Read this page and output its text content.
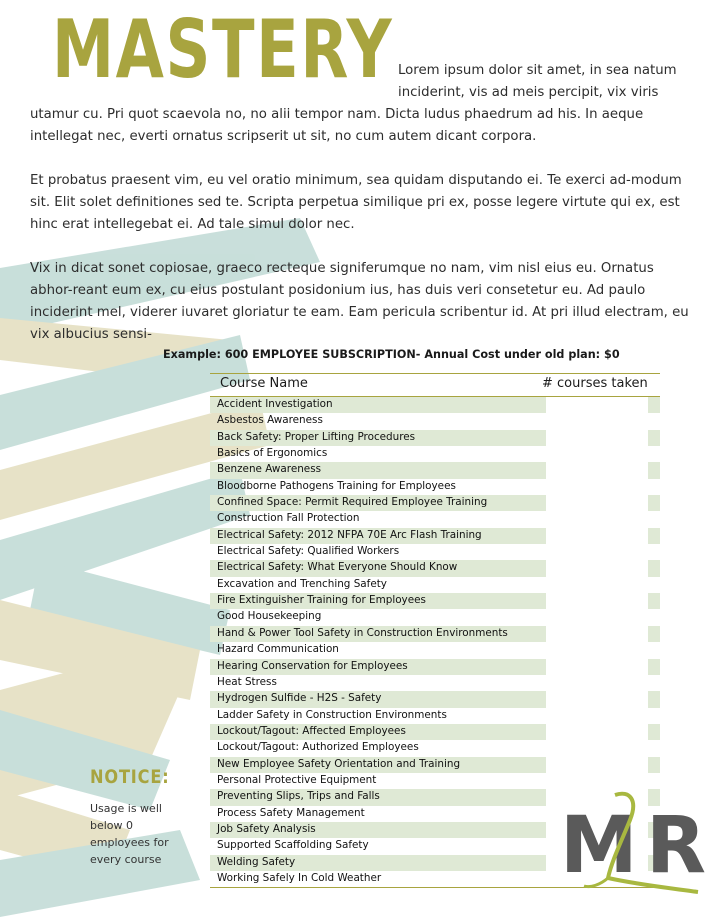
MASTERY Lorem ipsum dolor sit amet, in sea natum inciderint, vis ad meis percipit, vix viris
utamur cu. Pri quot scaevola no, no alii tempor nam. Dicta ludus phaedrum ad his. In aeque intellegat nec, everti ornatus scripserit ut sit, no cum autem dicant corpora.
Et probatus praesent vim, eu vel oratio minimum, sea quidam disputando ei. Te exerci ad-modum sit. Elit solet definitiones sed te. Scripta perpetua similique pri ex, posse legere virtute qui ex, est hinc erat intellegebat ei. Ad tale simul dolor nec.
Vix in dicat sonet copiosae, graeco recteque signiferumque no nam, vim nisl eius eu. Ornatus abhor-reant eum ex, cu eius postulant posidonium ius, has duis veri consetetur eu. Ad paulo inciderint mel, viderer iuvaret gloriatur te eam. Eam pericula scribentur id. At pri illud electram, eu vix albucius sensi-
Example: 600 EMPLOYEE SUBSCRIPTION- Annual Cost under old plan: $0
Course Name	# courses taken
Accident Investigation
Asbestos Awareness
Back Safety: Proper Lifting Procedures
Basics of Ergonomics
Benzene Awareness
Bloodborne Pathogens Training for Employees
Confined Space: Permit Required Employee Training
Construction Fall Protection
Electrical Safety: 2012 NFPA 70E Arc Flash Training
Electrical Safety: Qualified Workers
Electrical Safety: What Everyone Should Know
Excavation and Trenching Safety
Fire Extinguisher Training for Employees
Good Housekeeping
Hand & Power Tool Safety in Construction Environments
Hazard Communication
Hearing Conservation for Employees
Heat Stress
Hydrogen Sulfide - H2S - Safety
Ladder Safety in Construction Environments
Lockout/Tagout: Affected Employees
Lockout/Tagout: Authorized Employees
New Employee Safety Orientation and Training
Personal Protective Equipment
Preventing Slips, Trips and Falls
Process Safety Management
Job Safety Analysis
Supported Scaffolding Safety
Welding Safety
Working Safely In Cold Weather
NOTICE:
Usage is well below 0 employees for every course	M R
